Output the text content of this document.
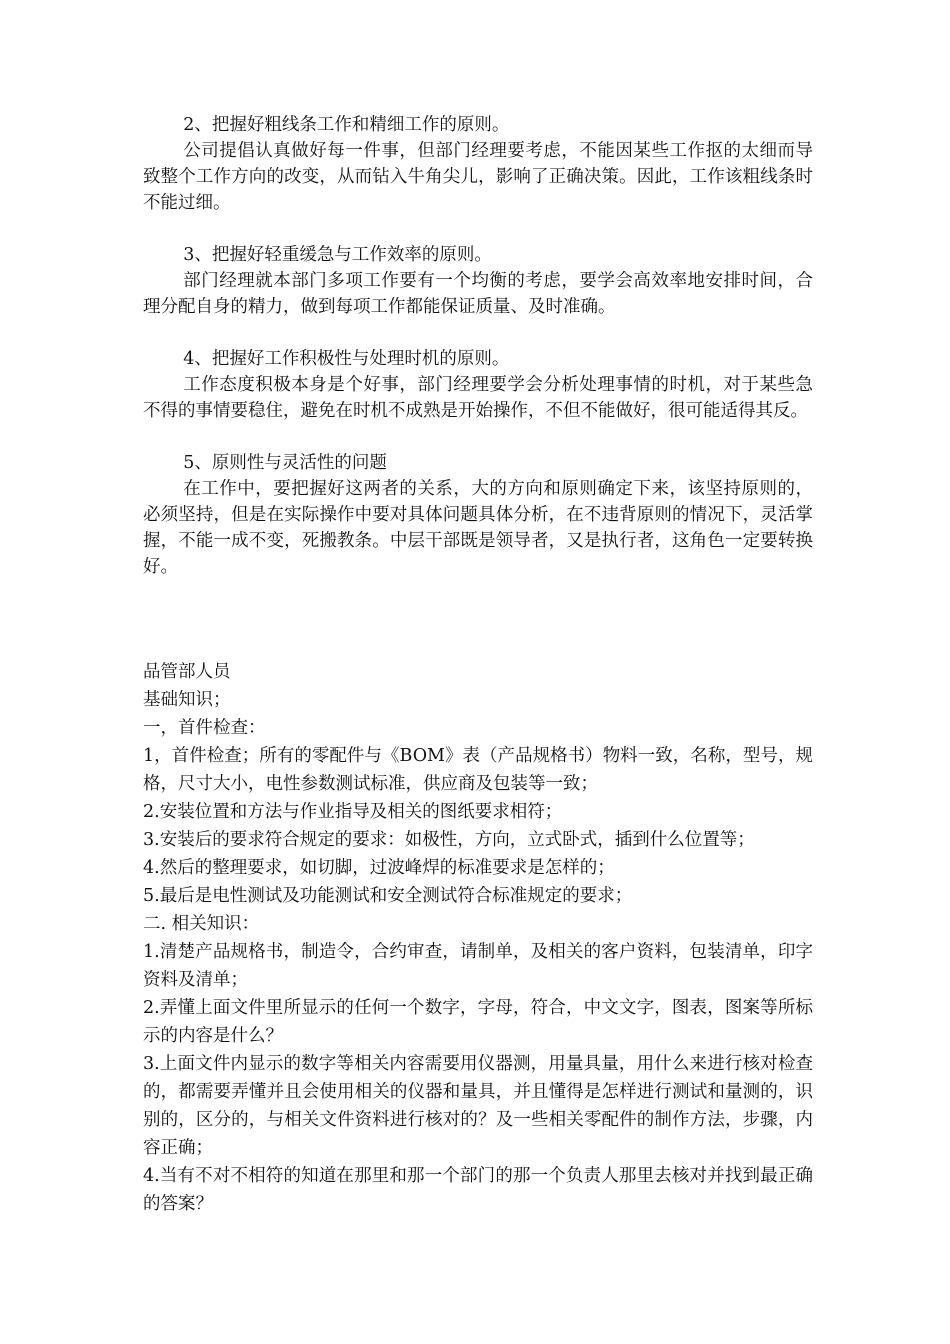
2、把握好粗线条工作和精细工作的原则。

公司提倡认真做好每一件事，但部门经理要考虑，不能因某些工作抠的太细而导致整个工作方向的改变，从而钻入牛角尖儿，影响了正确决策。因此，工作该粗线条时不能过细。

3、把握好轻重缓急与工作效率的原则。

部门经理就本部门多项工作要有一个均衡的考虑，要学会高效率地安排时间，合理分配自身的精力，做到每项工作都能保证质量、及时准确。

4、把握好工作积极性与处理时机的原则。

工作态度积极本身是个好事，部门经理要学会分析处理事情的时机，对于某些急不得的事情要稳住，避免在时机不成熟是开始操作，不但不能做好，很可能适得其反。

5、原则性与灵活性的问题

在工作中，要把握好这两者的关系，大的方向和原则确定下来，该坚持原则的，必须坚持，但是在实际操作中要对具体问题具体分析，在不违背原则的情况下，灵活掌握，不能一成不变，死搬教条。中层干部既是领导者，又是执行者，这角色一定要转换好。

品管部人员

基础知识；

一，首件检查：

1，首件检查；所有的零配件与《BOM》表（产品规格书）物料一致，名称，型号，规格，尺寸大小，电性参数测试标准，供应商及包装等一致；

2.安装位置和方法与作业指导及相关的图纸要求相符；

3.安装后的要求符合规定的要求：如极性，方向，立式卧式，插到什么位置等；

4.然后的整理要求，如切脚，过波峰焊的标准要求是怎样的；

5.最后是电性测试及功能测试和安全测试符合标准规定的要求；

二. 相关知识：

1.清楚产品规格书，制造令，合约审查，请制单，及相关的客户资料，包装清单，印字资料及清单；

2.弄懂上面文件里所显示的任何一个数字，字母，符合，中文文字，图表，图案等所标示的内容是什么？

3.上面文件内显示的数字等相关内容需要用仪器测，用量具量，用什么来进行核对检查的，都需要弄懂并且会使用相关的仪器和量具，并且懂得是怎样进行测试和量测的，识别的，区分的，与相关文件资料进行核对的？及一些相关零配件的制作方法，步骤，内容正确；

4.当有不对不相符的知道在那里和那一个部门的那一个负责人那里去核对并找到最正确的答案？
